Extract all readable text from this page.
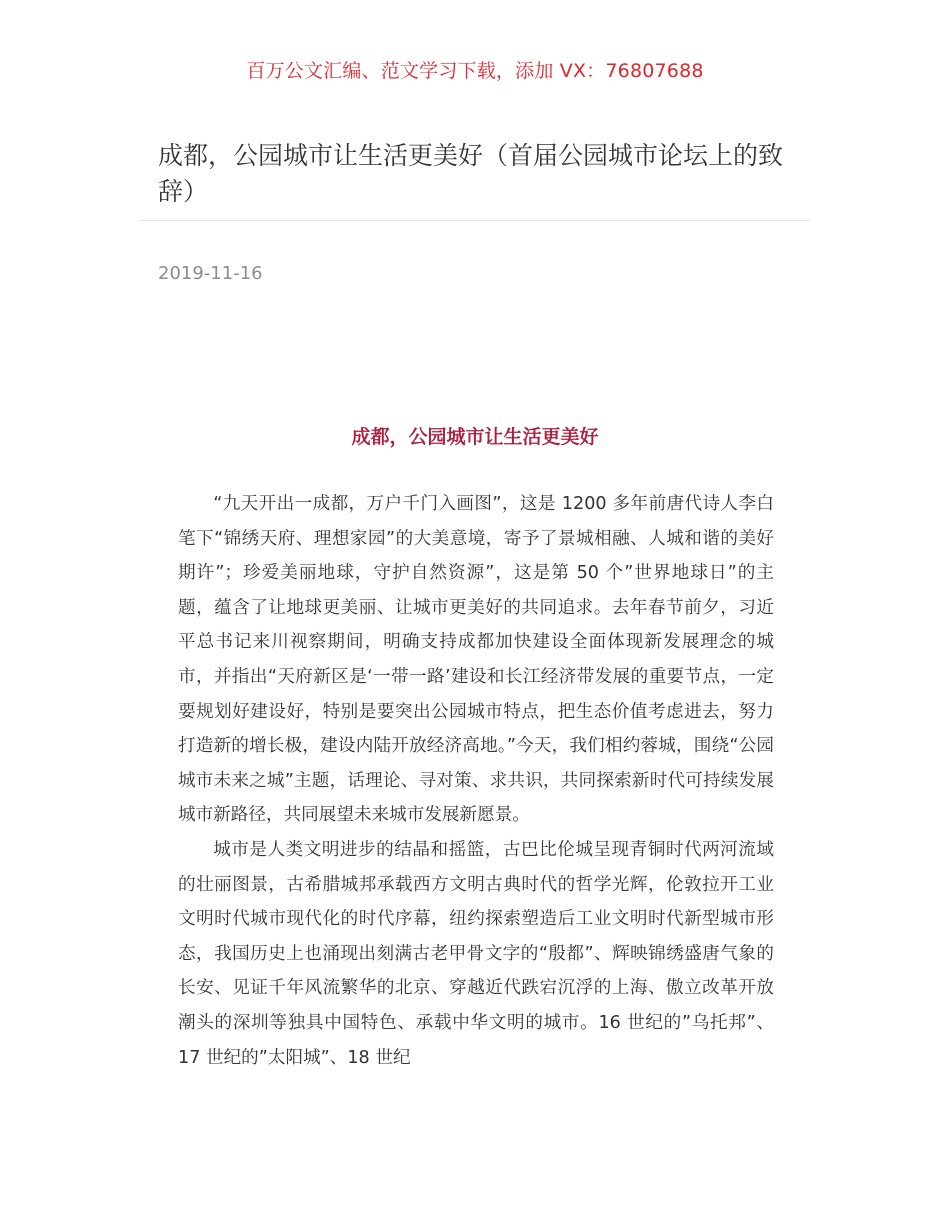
百万公文汇编、范文学习下载，添加 VX：76807688
成都，公园城市让生活更美好（首届公园城市论坛上的致辞）
2019-11-16
成都，公园城市让生活更美好

“九天开出一成都，万户千门入画图”，这是 1200 多年前唐代诗人李白笔下“锦绣天府、理想家园”的大美意境，寄予了景城相融、人城和谐的美好期许”；珍爱美丽地球，守护自然资源”，这是第 50 个”世界地球日”的主题，蕴含了让地球更美丽、让城市更美好的共同追求。去年春节前夕，习近平总书记来川视察期间，明确支持成都加快建设全面体现新发展理念的城市，并指出“天府新区是‘一带一路’建设和长江经济带发展的重要节点，一定要规划好建设好，特别是要突出公园城市特点，把生态价值考虑进去，努力打造新的增长极，建设内陆开放经济高地。”今天，我们相约蓉城，围绕“公园城市未来之城”主题，话理论、寻对策、求共识，共同探索新时代可持续发展城市新路径，共同展望未来城市发展新愿景。

城市是人类文明进步的结晶和摇篮，古巴比伦城呈现青铜时代两河流域的壮丽图景，古希腊城邦承载西方文明古典时代的哲学光辉，伦敦拉开工业文明时代城市现代化的时代序幕，纽约探索塑造后工业文明时代新型城市形态，我国历史上也涌现出刻满古老甲骨文字的“殷都”、辉映锦绣盛唐气象的长安、见证千年风流繁华的北京、穿越近代跌宕沉浮的上海、傲立改革开放潮头的深圳等独具中国特色、承载中华文明的城市。16 世纪的”乌托邦”、17 世纪的”太阳城”、18 世纪
